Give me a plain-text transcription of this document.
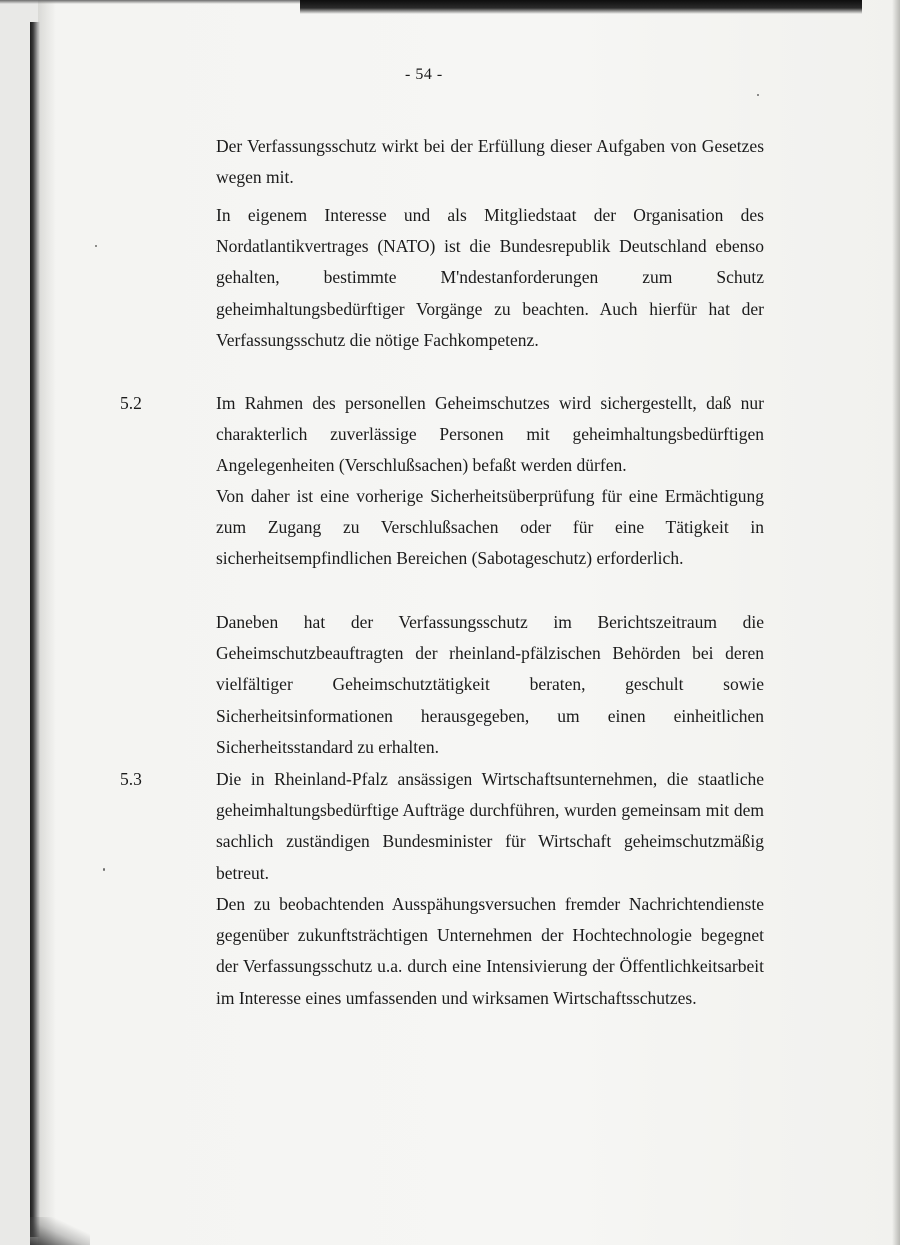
- 54 -

Der Verfassungsschutz wirkt bei der Erfüllung dieser Aufgaben von Gesetzes wegen mit.

In eigenem Interesse und als Mitgliedstaat der Organisation des Nordatlantikvertrages (NATO) ist die Bundesrepublik Deutschland ebenso gehalten, bestimmte M'ndestanforderungen zum Schutz geheimhaltungsbedürftiger Vorgänge zu beachten. Auch hierfür hat der Verfassungsschutz die nötige Fachkompetenz.

5.2	Im Rahmen des personellen Geheimschutzes wird sichergestellt, daß nur charakterlich zuverlässige Personen mit geheimhaltungsbedürftigen Angelegenheiten (Verschlußsachen) befaßt werden dürfen.

Von daher ist eine vorherige Sicherheitsüberprüfung für eine Ermächtigung zum Zugang zu Verschlußsachen oder für eine Tätigkeit in sicherheitsempfindlichen Bereichen (Sabotageschutz) erforderlich.

Daneben hat der Verfassungsschutz im Berichtszeitraum die Geheimschutzbeauftragten der rheinland-pfälzischen Behörden bei deren vielfältiger Geheimschutztätigkeit beraten, geschult sowie Sicherheitsinformationen herausgegeben, um einen einheitlichen Sicherheitsstandard zu erhalten.

5.3	Die in Rheinland-Pfalz ansässigen Wirtschaftsunternehmen, die staatliche geheimhaltungsbedürftige Aufträge durchführen, wurden gemeinsam mit dem sachlich zuständigen Bundesminister für Wirtschaft geheimschutzmäßig betreut.

Den zu beobachtenden Ausspähungsversuchen fremder Nachrichtendienste gegenüber zukunftsträchtigen Unternehmen der Hochtechnologie begegnet der Verfassungsschutz u.a. durch eine Intensivierung der Öffentlichkeitsarbeit im Interesse eines umfassenden und wirksamen Wirtschaftsschutzes.
